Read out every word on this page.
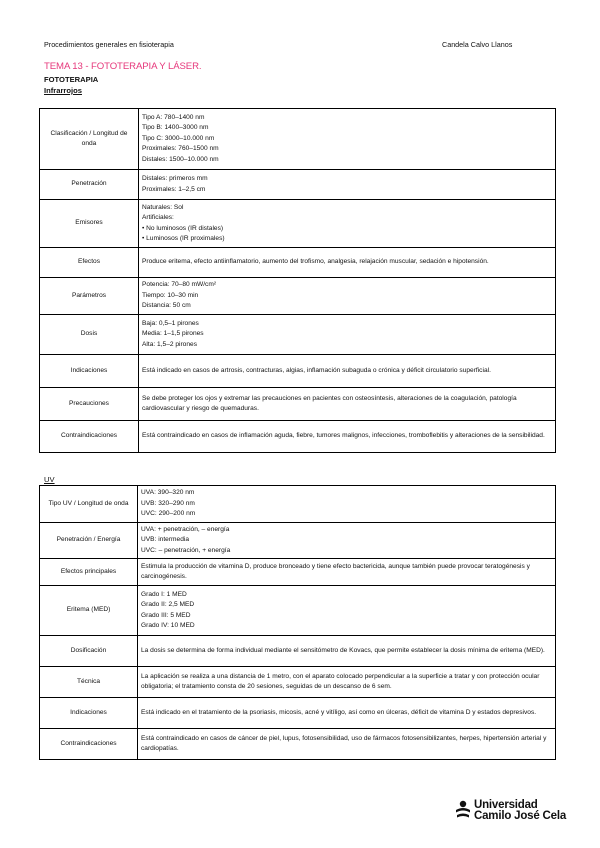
Procedimientos generales en fisioterapia	Candela Calvo Llanos
TEMA 13 - FOTOTERAPIA Y LÁSER.
FOTOTERAPIA
Infrarrojos
Clasificación / Longitud de onda	Tipo A: 780–1400 nm
Tipo B: 1400–3000 nm
Tipo C: 3000–10.000 nm
Proximales: 760–1500 nm
Distales: 1500–10.000 nm

Penetración	Distales: primeros mm
Proximales: 1–2,5 cm

Emisores	Naturales: Sol
Artificiales:
• No luminosos (IR distales)
• Luminosos (IR proximales)

Efectos	Produce eritema, efecto antiinflamatorio, aumento del trofismo, analgesia, relajación muscular, sedación e hipotensión.

Parámetros	Potencia: 70–80 mW/cm²
Tiempo: 10–30 min
Distancia: 50 cm

Dosis	Baja: 0,5–1 pirones
Media: 1–1,5 pirones
Alta: 1,5–2 pirones

Indicaciones	Está indicado en casos de artrosis, contracturas, algias, inflamación subaguda o crónica y déficit circulatorio superficial.

Precauciones	Se debe proteger los ojos y extremar las precauciones en pacientes con osteosíntesis, alteraciones de la coagulación, patología cardiovascular y riesgo de quemaduras.

Contraindicaciones	Está contraindicado en casos de inflamación aguda, fiebre, tumores malignos, infecciones, tromboflebitis y alteraciones de la sensibilidad.
UV
Tipo UV / Longitud de onda	UVA: 390–320 nm
UVB: 320–290 nm
UVC: 290–200 nm

Penetración / Energía	UVA: + penetración, – energía
UVB: intermedia
UVC: – penetración, + energía

Efectos principales	Estimula la producción de vitamina D, produce bronceado y tiene efecto bactericida, aunque también puede provocar teratogénesis y carcinogénesis.

Eritema (MED)	Grado I: 1 MED
Grado II: 2,5 MED
Grado III: 5 MED
Grado IV: 10 MED

Dosificación	La dosis se determina de forma individual mediante el sensitómetro de Kovacs, que permite establecer la dosis mínima de eritema (MED).

Técnica	La aplicación se realiza a una distancia de 1 metro, con el aparato colocado perpendicular a la superficie a tratar y con protección ocular obligatoria; el tratamiento consta de 20 sesiones, seguidas de un descanso de 6 sem.

Indicaciones	Está indicado en el tratamiento de la psoriasis, micosis, acné y vitíligo, así como en úlceras, déficit de vitamina D y estados depresivos.

Contraindicaciones	Está contraindicado en casos de cáncer de piel, lupus, fotosensibilidad, uso de fármacos fotosensibilizantes, herpes, hipertensión arterial y cardiopatías.
Universidad
Camilo José Cela
